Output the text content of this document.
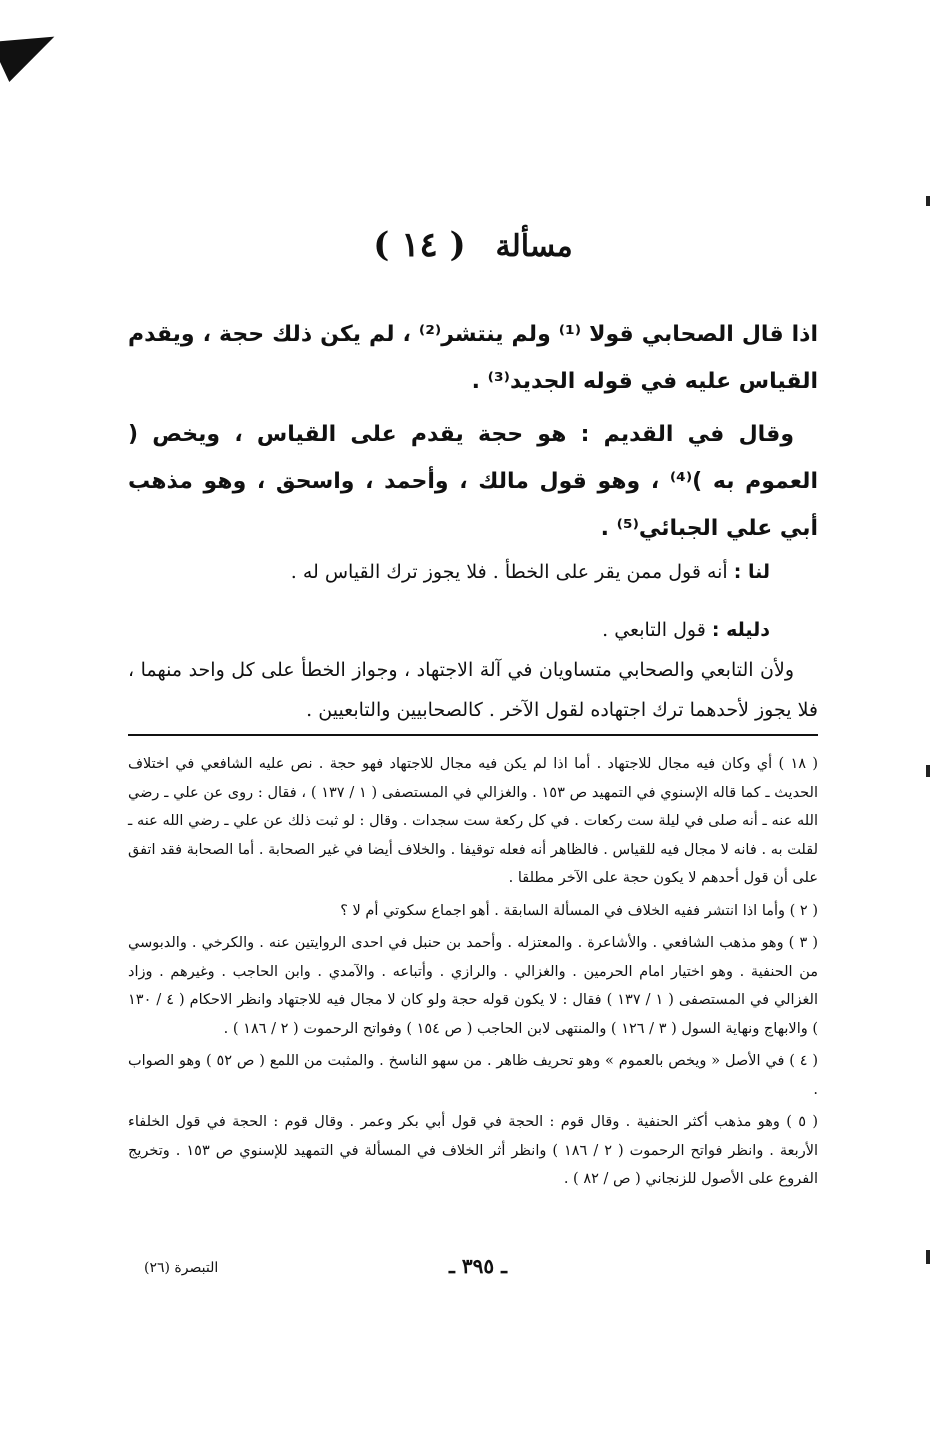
مسألة ( ١٤ )

اذا قال الصحابي قولا ⁽¹⁾ ولم ينتشر⁽²⁾ ، لم يكن ذلك حجة ، ويقدم القياس عليه في قوله الجديد⁽³⁾ .

وقال في القديم : هو حجة يقدم على القياس ، ويخص ( العموم به )⁽⁴⁾ ، وهو قول مالك ، وأحمد ، واسحق ، وهو مذهب أبي علي الجبائي⁽⁵⁾ .

لنا : أنه قول ممن يقر على الخطأ . فلا يجوز ترك القياس له .

دليله : قول التابعي .

ولأن التابعي والصحابي متساويان في آلة الاجتهاد ، وجواز الخطأ على كل واحد منهما ، فلا يجوز لأحدهما ترك اجتهاده لقول الآخر . كالصحابيين والتابعيين .

( ١٨ ) أي وكان فيه مجال للاجتهاد . أما اذا لم يكن فيه مجال للاجتهاد فهو حجة . نص عليه الشافعي في اختلاف الحديث ـ كما قاله الإسنوي في التمهيد ص ١٥٣ . والغزالي في المستصفى ( ١ / ١٣٧ ) ، فقال : روى عن علي ـ رضي الله عنه ـ أنه صلى في ليلة ست ركعات . في كل ركعة ست سجدات . وقال : لو ثبت ذلك عن علي ـ رضي الله عنه ـ لقلت به . فانه لا مجال فيه للقياس . فالظاهر أنه فعله توقيفا . والخلاف أيضا في غير الصحابة . أما الصحابة فقد اتفق على أن قول أحدهم لا يكون حجة على الآخر مطلقا .

( ٢ ) وأما اذا انتشر ففيه الخلاف في المسألة السابقة . أهو اجماع سكوتي أم لا ؟

( ٣ ) وهو مذهب الشافعي . والأشاعرة . والمعتزله . وأحمد بن حنبل في احدى الروايتين عنه . والكرخي . والدبوسي من الحنفية . وهو اختيار امام الحرمين . والغزالي . والرازي . وأتباعه . والآمدي . وابن الحاجب . وغيرهم . وزاد الغزالي في المستصفى ( ١ / ١٣٧ ) فقال : لا يكون قوله حجة ولو كان لا مجال فيه للاجتهاد وانظر الاحكام ( ٤ / ١٣٠ ) والابهاج ونهاية السول ( ٣ / ١٢٦ ) والمنتهى لابن الحاجب ( ص ١٥٤ ) وفواتح الرحموت ( ٢ / ١٨٦ ) .

( ٤ ) في الأصل « ويخص بالعموم » وهو تحريف ظاهر . من سهو الناسخ . والمثبت من اللمع ( ص ٥٢ ) وهو الصواب .

( ٥ ) وهو مذهب أكثر الحنفية . وقال قوم : الحجة في قول أبي بكر وعمر . وقال قوم : الحجة في قول الخلفاء الأربعة . وانظر فواتح الرحموت ( ٢ / ١٨٦ ) وانظر أثر الخلاف في المسألة في التمهيد للإسنوي ص ١٥٣ . وتخريج الفروع على الأصول للزنجاني ( ص / ٨٢ ) .

ـ ٣٩٥ ـ
التبصرة (٢٦)
